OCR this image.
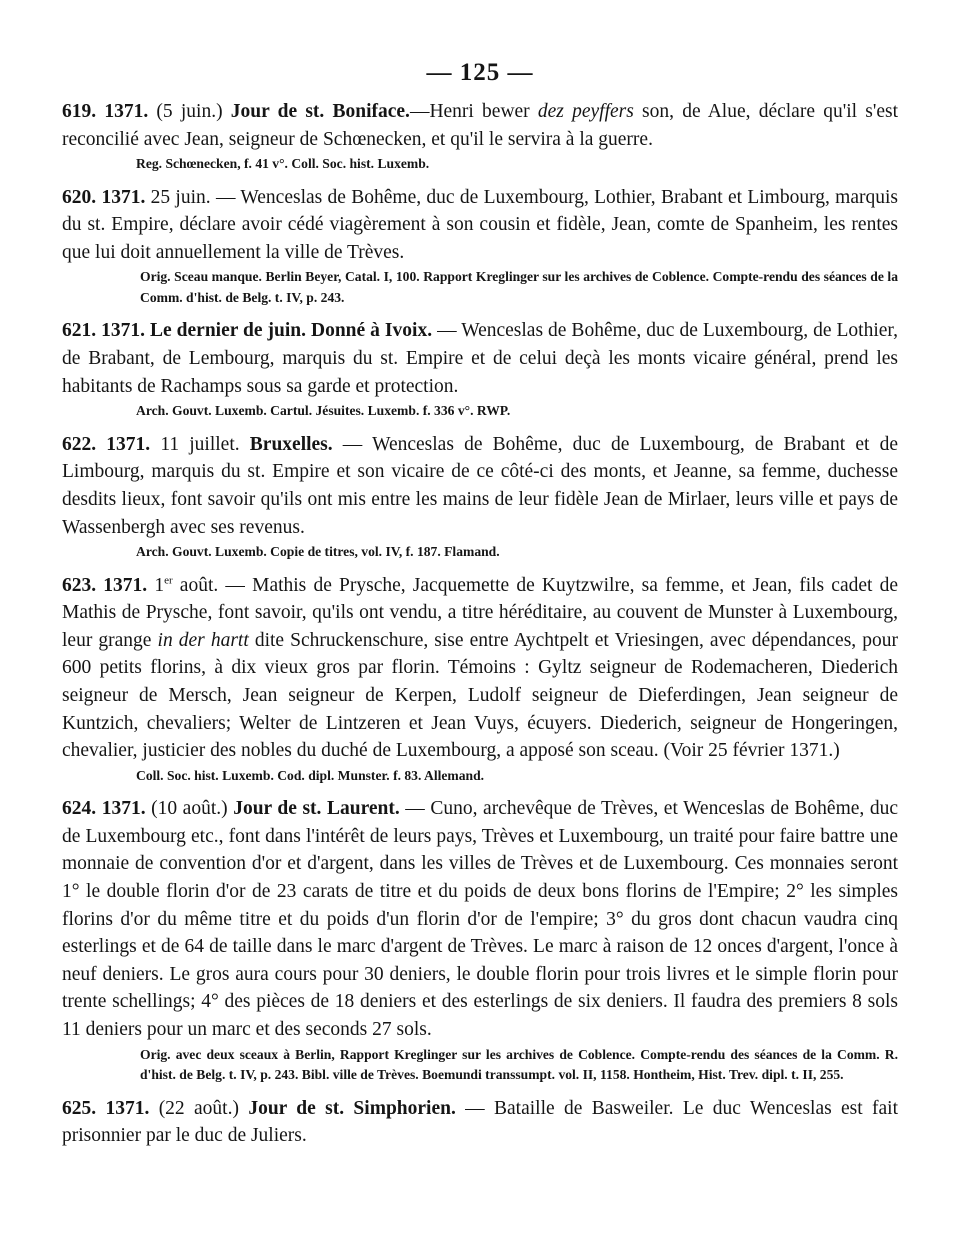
— 125 —
619. 1371. (5 juin.) Jour de st. Boniface.—Henri bewer dez peyffers son, de Alue, déclare qu'il s'est reconcilié avec Jean, seigneur de Schœnecken, et qu'il le servira à la guerre.
Reg. Schœnecken, f. 41 v°. Coll. Soc. hist. Luxemb.
620. 1371. 25 juin. — Wenceslas de Bohême, duc de Luxembourg, Lothier, Brabant et Limbourg, marquis du st. Empire, déclare avoir cédé viagèrement à son cousin et fidèle, Jean, comte de Spanheim, les rentes que lui doit annuellement la ville de Trèves.
Orig. Sceau manque. Berlin Beyer, Catal. I, 100. Rapport Kreglinger sur les archives de Coblence. Compte-rendu des séances de la Comm. d'hist. de Belg. t. IV, p. 243.
621. 1371. Le dernier de juin. Donné à Ivoix. — Wenceslas de Bohême, duc de Luxembourg, de Lothier, de Brabant, de Lembourg, marquis du st. Empire et de celui deçà les monts vicaire général, prend les habitants de Rachamps sous sa garde et protection.
Arch. Gouvt. Luxemb. Cartul. Jésuites. Luxemb. f. 336 v°. RWP.
622. 1371. 11 juillet. Bruxelles. — Wenceslas de Bohême, duc de Luxembourg, de Brabant et de Limbourg, marquis du st. Empire et son vicaire de ce côté-ci des monts, et Jeanne, sa femme, duchesse desdits lieux, font savoir qu'ils ont mis entre les mains de leur fidèle Jean de Mirlaer, leurs ville et pays de Wassenbergh avec ses revenus.
Arch. Gouvt. Luxemb. Copie de titres, vol. IV, f. 187. Flamand.
623. 1371. 1er août. — Mathis de Prysche, Jacquemette de Kuytzwilre, sa femme, et Jean, fils cadet de Mathis de Prysche, font savoir, qu'ils ont vendu, a titre héréditaire, au couvent de Munster à Luxembourg, leur grange in der hartt dite Schruckenschure, sise entre Aychtpelt et Vriesingen, avec dépendances, pour 600 petits florins, à dix vieux gros par florin. Témoins : Gyltz seigneur de Rodemacheren, Diederich seigneur de Mersch, Jean seigneur de Kerpen, Ludolf seigneur de Dieferdingen, Jean seigneur de Kuntzich, chevaliers; Welter de Lintzeren et Jean Vuys, écuyers. Diederich, seigneur de Hongeringen, chevalier, justicier des nobles du duché de Luxembourg, a apposé son sceau. (Voir 25 février 1371.)
Coll. Soc. hist. Luxemb. Cod. dipl. Munster. f. 83. Allemand.
624. 1371. (10 août.) Jour de st. Laurent. — Cuno, archevêque de Trèves, et Wenceslas de Bohême, duc de Luxembourg etc., font dans l'intérêt de leurs pays, Trèves et Luxembourg, un traité pour faire battre une monnaie de convention d'or et d'argent, dans les villes de Trèves et de Luxembourg. Ces monnaies seront 1° le double florin d'or de 23 carats de titre et du poids de deux bons florins de l'Empire; 2° les simples florins d'or du même titre et du poids d'un florin d'or de l'empire; 3° du gros dont chacun vaudra cinq esterlings et de 64 de taille dans le marc d'argent de Trèves. Le marc à raison de 12 onces d'argent, l'once à neuf deniers. Le gros aura cours pour 30 deniers, le double florin pour trois livres et le simple florin pour trente schellings; 4° des pièces de 18 deniers et des esterlings de six deniers. Il faudra des premiers 8 sols 11 deniers pour un marc et des seconds 27 sols.
Orig. avec deux sceaux à Berlin, Rapport Kreglinger sur les archives de Coblence. Compte-rendu des séances de la Comm. R. d'hist. de Belg. t. IV, p. 243. Bibl. ville de Trèves. Boemundi transsumpt. vol. II, 1158. Hontheim, Hist. Trev. dipl. t. II, 255.
625. 1371. (22 août.) Jour de st. Simphorien. — Bataille de Basweiler. Le duc Wenceslas est fait prisonnier par le duc de Juliers.
